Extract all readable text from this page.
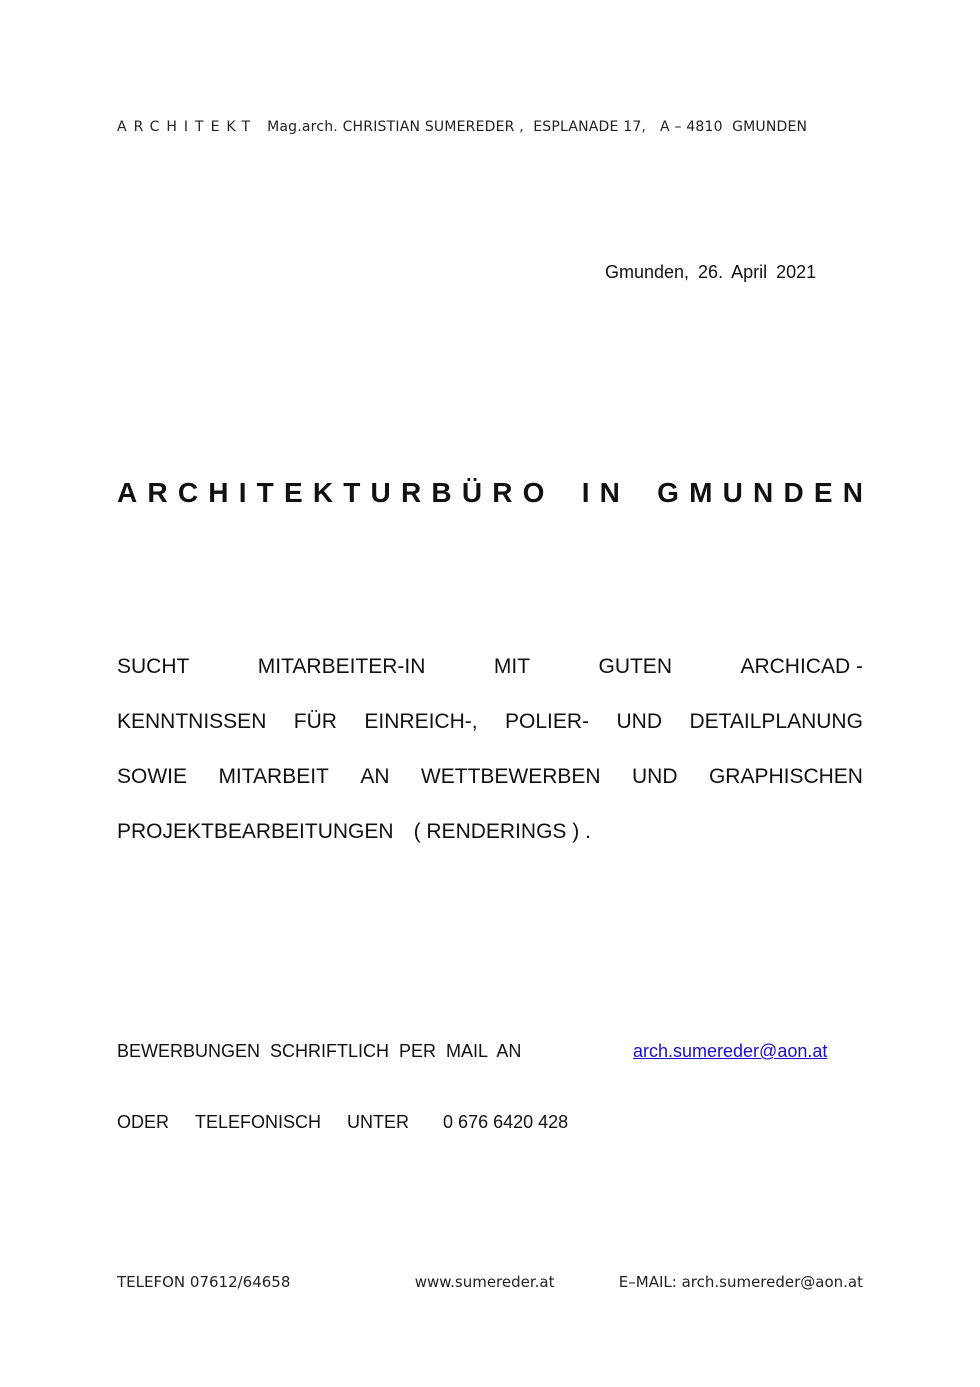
ARCHITEKT Mag.arch. CHRISTIAN SUMEREDER , ESPLANADE 17, A – 4810 GMUNDEN
Gmunden, 26. April 2021
A R C H I T E K T U R B Ü R O I N G M U N D E N
SUCHT	MITARBEITER-IN	MIT	GUTEN	ARCHICAD -
KENNTNISSEN FÜR EINREICH-, POLIER- UND DETAILPLANUNG
SOWIE MITARBEIT AN WETTBEWERBEN UND GRAPHISCHEN
PROJEKTBEARBEITUNGEN ( RENDERINGS ) .
BEWERBUNGEN SCHRIFTLICH PER MAIL AN	arch.sumereder@aon.at
ODER TELEFONISCH UNTER 0 676 6420 428
TELEFON 07612/64658	www.sumereder.at	E–MAIL: arch.sumereder@aon.at
